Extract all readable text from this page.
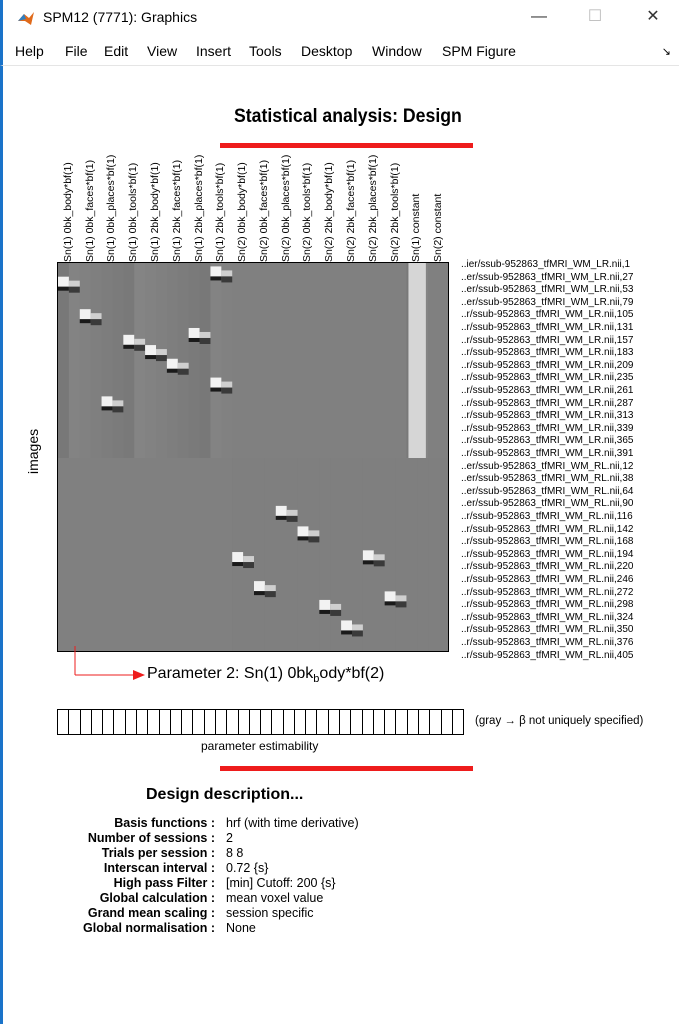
SPM12 (7771): Graphics	—	☐	✕
Help File Edit View Insert Tools Desktop Window SPM Figure	↘
Statistical analysis: Design
Sn(1) 0bk_body*bf(1) Sn(1) 0bk_faces*bf(1) Sn(1) 0bk_places*bf(1) Sn(1) 0bk_tools*bf(1) Sn(1) 2bk_body*bf(1) Sn(1) 2bk_faces*bf(1) Sn(1) 2bk_places*bf(1) Sn(1) 2bk_tools*bf(1) Sn(2) 0bk_body*bf(1) Sn(2) 0bk_faces*bf(1) Sn(2) 0bk_places*bf(1) Sn(2) 0bk_tools*bf(1) Sn(2) 2bk_body*bf(1) Sn(2) 2bk_faces*bf(1) Sn(2) 2bk_places*bf(1) Sn(2) 2bk_tools*bf(1) Sn(1) constant Sn(2) constant
..ier/ssub-952863_tfMRI_WM_LR.nii,1
..er/ssub-952863_tfMRI_WM_LR.nii,27
..er/ssub-952863_tfMRI_WM_LR.nii,53
..er/ssub-952863_tfMRI_WM_LR.nii,79
..r/ssub-952863_tfMRI_WM_LR.nii,105
..r/ssub-952863_tfMRI_WM_LR.nii,131
..r/ssub-952863_tfMRI_WM_LR.nii,157
..r/ssub-952863_tfMRI_WM_LR.nii,183
..r/ssub-952863_tfMRI_WM_LR.nii,209
..r/ssub-952863_tfMRI_WM_LR.nii,235
..r/ssub-952863_tfMRI_WM_LR.nii,261
..r/ssub-952863_tfMRI_WM_LR.nii,287
..r/ssub-952863_tfMRI_WM_LR.nii,313
..r/ssub-952863_tfMRI_WM_LR.nii,339
..r/ssub-952863_tfMRI_WM_LR.nii,365
..r/ssub-952863_tfMRI_WM_LR.nii,391
..er/ssub-952863_tfMRI_WM_RL.nii,12
..er/ssub-952863_tfMRI_WM_RL.nii,38
..er/ssub-952863_tfMRI_WM_RL.nii,64
..er/ssub-952863_tfMRI_WM_RL.nii,90
..r/ssub-952863_tfMRI_WM_RL.nii,116
..r/ssub-952863_tfMRI_WM_RL.nii,142
..r/ssub-952863_tfMRI_WM_RL.nii,168
..r/ssub-952863_tfMRI_WM_RL.nii,194
..r/ssub-952863_tfMRI_WM_RL.nii,220
..r/ssub-952863_tfMRI_WM_RL.nii,246
..r/ssub-952863_tfMRI_WM_RL.nii,272
..r/ssub-952863_tfMRI_WM_RL.nii,298
..r/ssub-952863_tfMRI_WM_RL.nii,324
..r/ssub-952863_tfMRI_WM_RL.nii,350
..r/ssub-952863_tfMRI_WM_RL.nii,376
..r/ssub-952863_tfMRI_WM_RL.nii,405
images
Parameter 2: Sn(1) $0bk_body*bf(2)$
(gray → β not uniquely specified)
parameter estimability
Design description...
Basis functions : hrf (with time derivative)
Number of sessions : 2
Trials per session : 8 8
Interscan interval : 0.72 {s}
High pass Filter : [min] Cutoff: 200 {s}
Global calculation : mean voxel value
Grand mean scaling : session specific
Global normalisation : None
